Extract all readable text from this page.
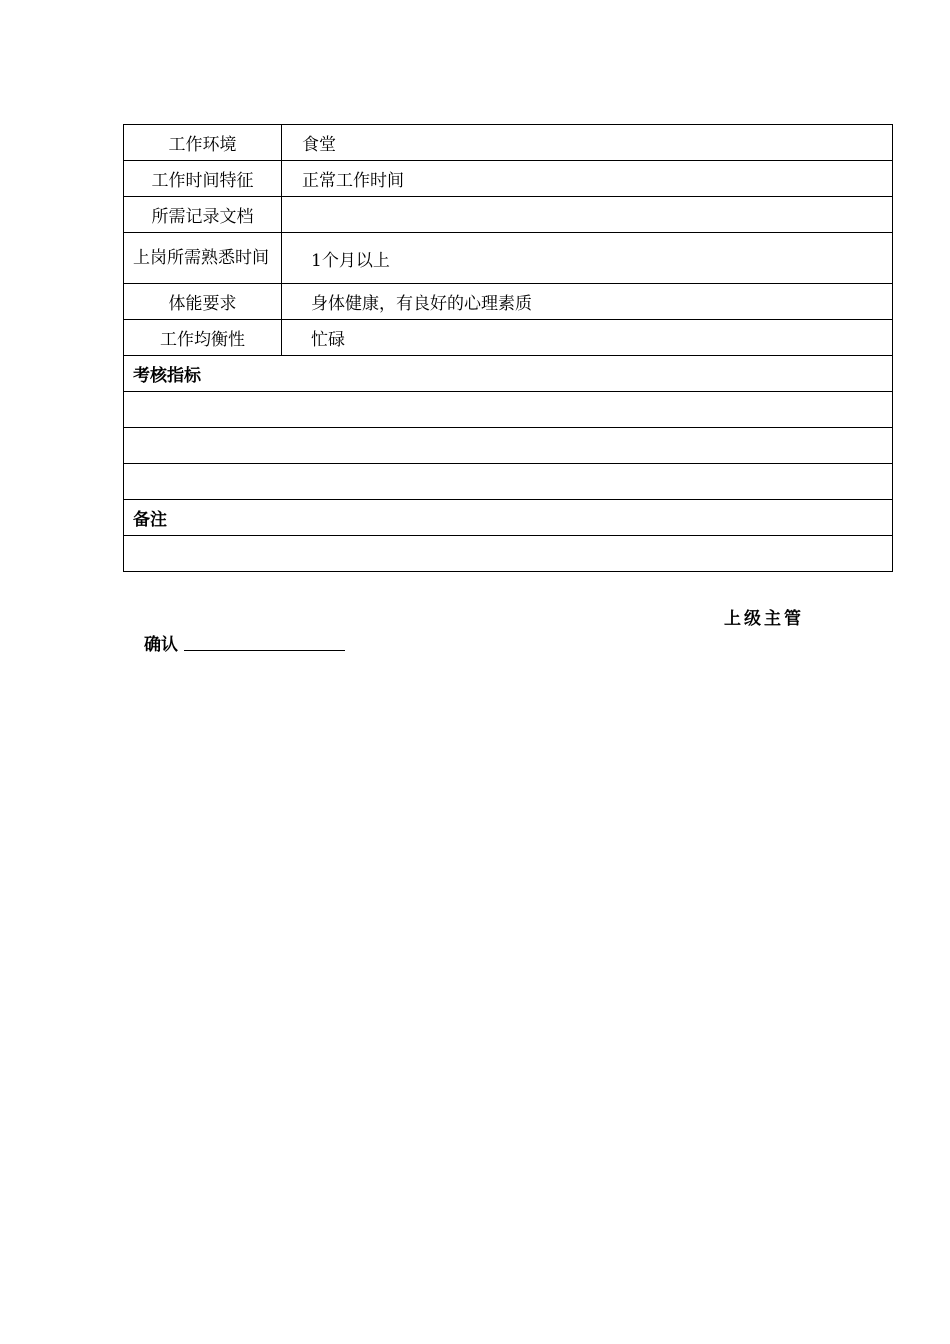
工作环境	食堂
工作时间特征	正常工作时间
所需记录文档	
上岗所需熟悉时间	1个月以上
体能要求	身体健康，有良好的心理素质
工作均衡性	忙碌
考核指标	

备注	

上级主管
确认
